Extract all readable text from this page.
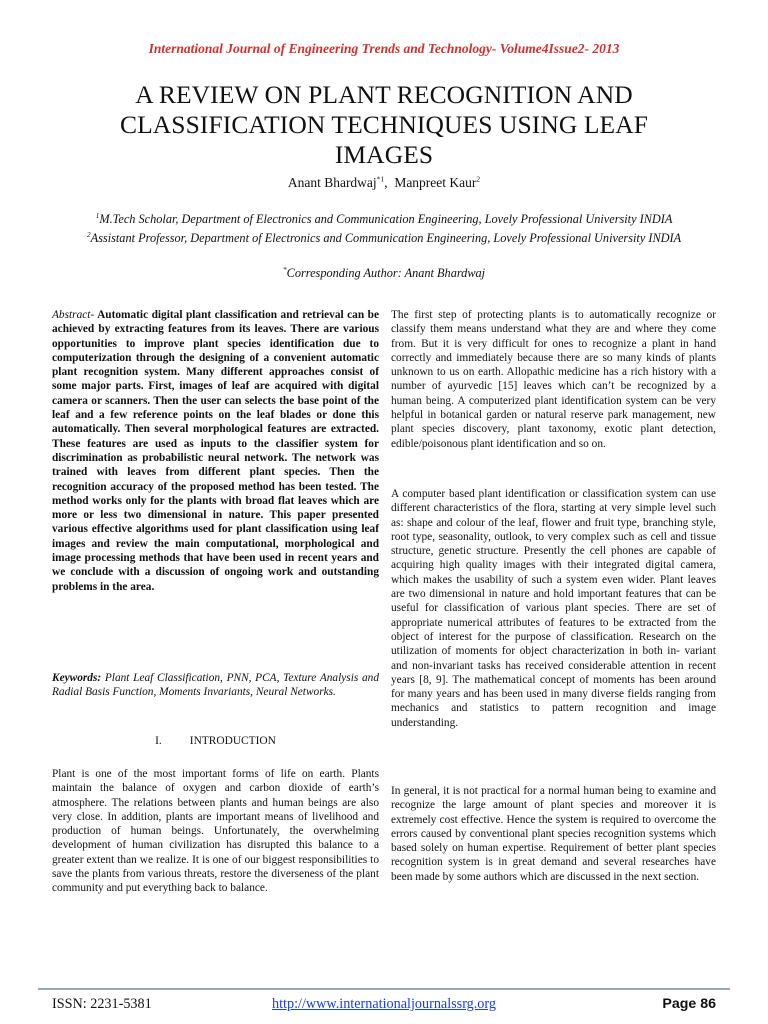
International Journal of Engineering Trends and Technology- Volume4Issue2- 2013
A REVIEW ON PLANT RECOGNITION AND
CLASSIFICATION TECHNIQUES USING LEAF
IMAGES
Anant Bhardwaj$^{*1}$,  Manpreet Kaur$^2$
$^1$M.Tech Scholar, Department of Electronics and Communication Engineering, Lovely Professional University INDIA
$^2$Assistant Professor, Department of Electronics and Communication Engineering, Lovely Professional University INDIA
*Corresponding Author: Anant Bhardwaj

Abstract- Automatic digital plant classification and retrieval can be achieved by extracting features from its leaves. There are various opportunities to improve plant species identification due to computerization through the designing of a convenient automatic plant recognition system. Many different approaches consist of some major parts. First, images of leaf are acquired with digital camera or scanners. Then the user can selects the base point of the leaf and a few reference points on the leaf blades or done this automatically. Then several morphological features are extracted. These features are used as inputs to the classifier system for discrimination as probabilistic neural network. The network was trained with leaves from different plant species. Then the recognition accuracy of the proposed method has been tested. The method works only for the plants with broad flat leaves which are more or less two dimensional in nature. This paper presented various effective algorithms used for plant classification using leaf images and review the main computational, morphological and image processing methods that have been used in recent years and we conclude with a discussion of ongoing work and outstanding problems in the area.

Keywords: Plant Leaf Classification, PNN, PCA, Texture Analysis and Radial Basis Function, Moments Invariants, Neural Networks.

I. INTRODUCTION

Plant is one of the most important forms of life on earth. Plants maintain the balance of oxygen and carbon dioxide of earth’s atmosphere. The relations between plants and human beings are also very close. In addition, plants are important means of livelihood and production of human beings. Unfortunately, the overwhelming development of human civilization has disrupted this balance to a greater extent than we realize. It is one of our biggest responsibilities to save the plants from various threats, restore the diverseness of the plant community and put everything back to balance.

The first step of protecting plants is to automatically recognize or classify them means understand what they are and where they come from. But it is very difficult for ones to recognize a plant in hand correctly and immediately because there are so many kinds of plants unknown to us on earth. Allopathic medicine has a rich history with a number of ayurvedic [15] leaves which can’t be recognized by a human being. A computerized plant identification system can be very helpful in botanical garden or natural reserve park management, new plant species discovery, plant taxonomy, exotic plant detection, edible/poisonous plant identification and so on.

A computer based plant identification or classification system can use different characteristics of the flora, starting at very simple level such as: shape and colour of the leaf, flower and fruit type, branching style, root type, seasonality, outlook, to very complex such as cell and tissue structure, genetic structure. Presently the cell phones are capable of acquiring high quality images with their integrated digital camera, which makes the usability of such a system even wider. Plant leaves are two dimensional in nature and hold important features that can be useful for classification of various plant species. There are set of appropriate numerical attributes of features to be extracted from the object of interest for the purpose of classification. Research on the utilization of moments for object characterization in both in- variant and non-invariant tasks has received considerable attention in recent years [8, 9]. The mathematical concept of moments has been around for many years and has been used in many diverse fields ranging from mechanics and statistics to pattern recognition and image understanding.

In general, it is not practical for a normal human being to examine and recognize the large amount of plant species and moreover it is extremely cost effective. Hence the system is required to overcome the errors caused by conventional plant species recognition systems which based solely on human expertise. Requirement of better plant species recognition system is in great demand and several researches have been made by some authors which are discussed in the next section.

ISSN: 2231-5381	http://www.internationaljournalssrg.org	Page 86
